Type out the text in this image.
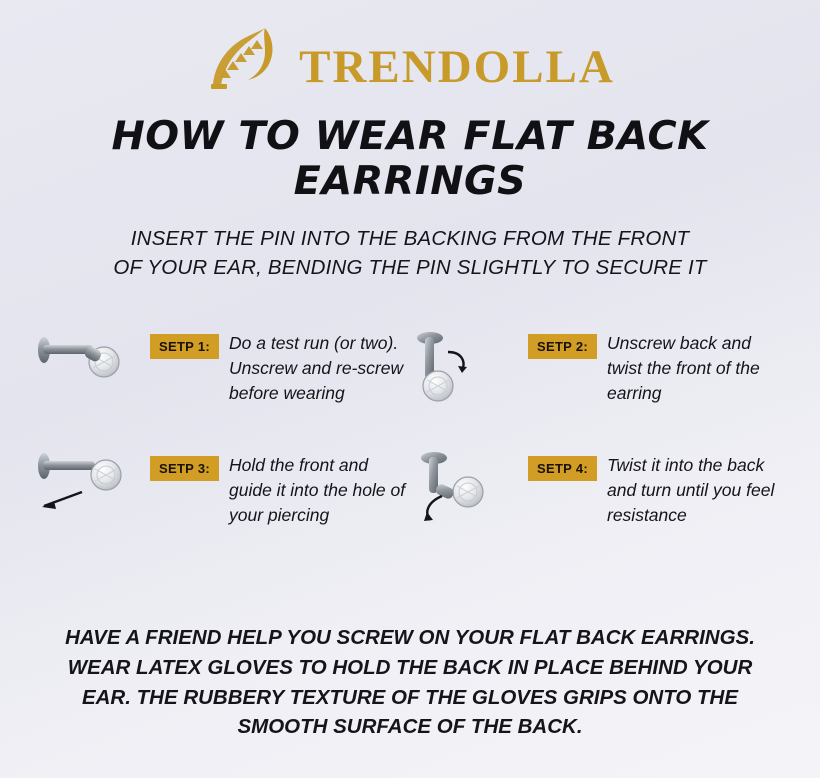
TRENDOLLA
HOW TO WEAR FLAT BACK EARRINGS
INSERT THE PIN INTO THE BACKING FROM THE FRONT
OF YOUR EAR, BENDING THE PIN SLIGHTLY TO SECURE IT
SETP 1:	Do a test run (or two). Unscrew and re-screw before wearing
SETP 2:	Unscrew back and twist the front of the earring
SETP 3:	Hold the front and guide it into the hole of your piercing
SETP 4:	Twist it into the back and turn until you feel resistance
HAVE A FRIEND HELP YOU SCREW ON YOUR FLAT BACK EARRINGS.
WEAR LATEX GLOVES TO HOLD THE BACK IN PLACE BEHIND YOUR
EAR. THE RUBBERY TEXTURE OF THE GLOVES GRIPS ONTO THE
SMOOTH SURFACE OF THE BACK.
